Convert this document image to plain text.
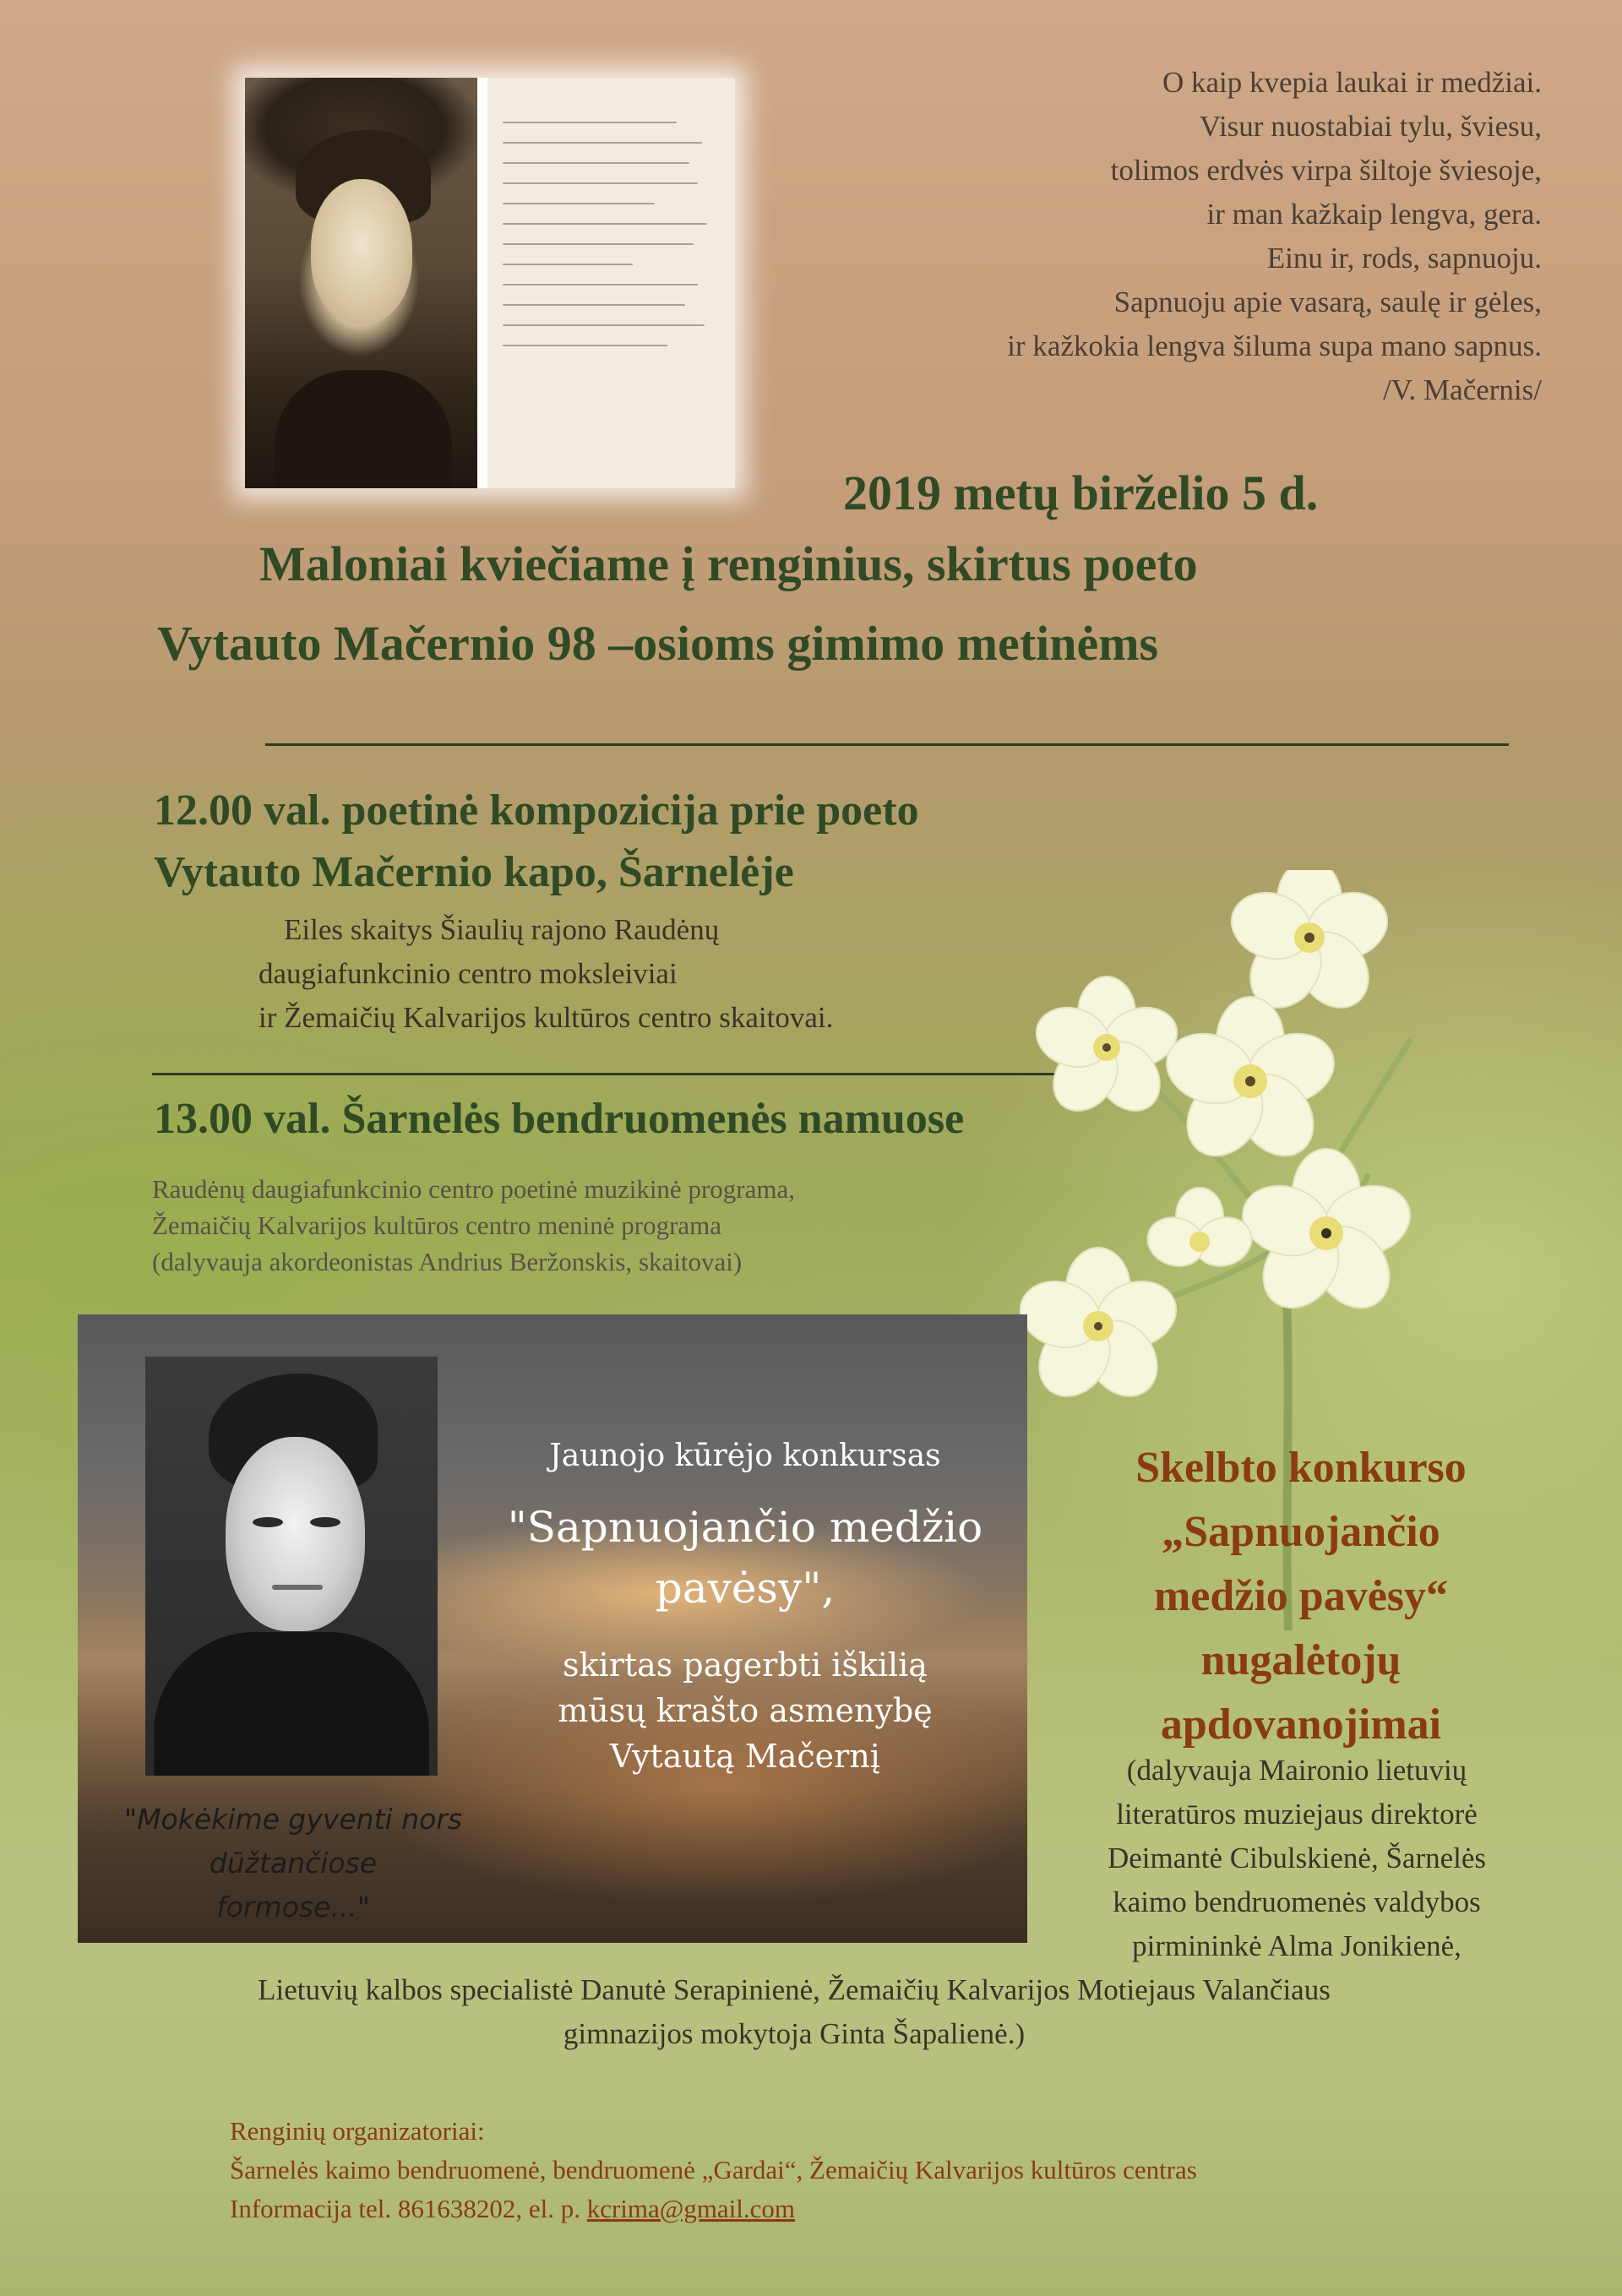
O kaip kvepia laukai ir medžiai.
Visur nuostabiai tylu, šviesu,
tolimos erdvės virpa šiltoje šviesoje,
ir man kažkaip lengva, gera.
Einu ir, rods, sapnuoju.
Sapnuoju apie vasarą, saulę ir gėles,
ir kažkokia lengva šiluma supa mano sapnus.
/V. Mačernis/
2019 metų birželio 5 d.
Maloniai kviečiame į renginius, skirtus poeto
Vytauto Mačernio 98 –osioms gimimo metinėms
12.00 val. poetinė kompozicija prie poeto
Vytauto Mačernio kapo, Šarnelėje
Eiles skaitys Šiaulių rajono Raudėnų
daugiafunkcinio centro moksleiviai
ir Žemaičių Kalvarijos kultūros centro skaitovai.
13.00 val. Šarnelės bendruomenės namuose
Raudėnų daugiafunkcinio centro poetinė muzikinė programa,
Žemaičių Kalvarijos kultūros centro meninė programa
(dalyvauja akordeonistas Andrius Beržonskis, skaitovai)
"Mokėkime gyventi nors
dūžtančiose
formose..."
Jaunojo kūrėjo konkursas
"Sapnuojančio medžio
pavėsy",
skirtas pagerbti iškilią
mūsų krašto asmenybę
Vytautą Mačernį
Skelbto konkurso
„Sapnuojančio
medžio pavėsy“
nugalėtojų
apdovanojimai
(dalyvauja Maironio lietuvių
literatūros muziejaus direktorė
Deimantė Cibulskienė, Šarnelės
kaimo bendruomenės valdybos
pirmininkė Alma Jonikienė,
Lietuvių kalbos specialistė Danutė Serapinienė, Žemaičių Kalvarijos Motiejaus Valančiaus
gimnazijos mokytoja Ginta Šapalienė.)
Renginių organizatoriai:
Šarnelės kaimo bendruomenė, bendruomenė „Gardai“, Žemaičių Kalvarijos kultūros centras
Informacija tel. 861638202, el. p. kcrima@gmail.com
